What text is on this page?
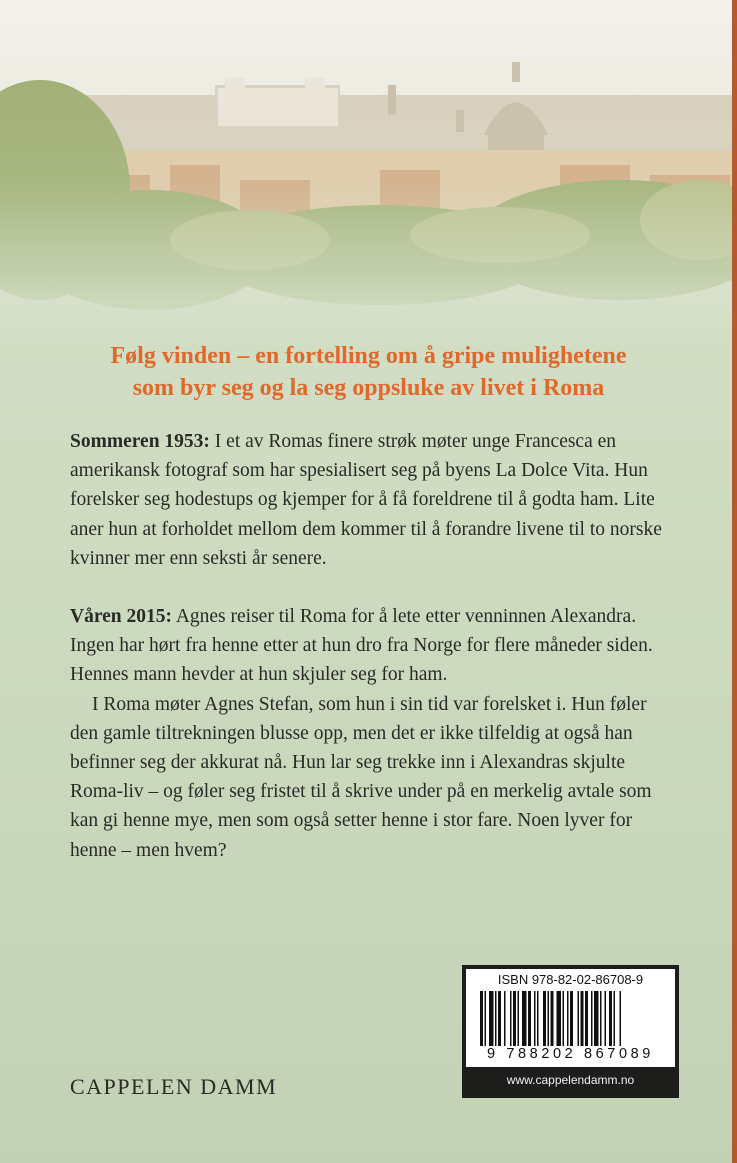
Følg vinden – en fortelling om å gripe mulighetene
som byr seg og la seg oppsluke av livet i Roma

Sommeren 1953: I et av Romas finere strøk møter unge Francesca en amerikansk fotograf som har spesialisert seg på byens La Dolce Vita. Hun forelsker seg hodestups og kjemper for å få foreldrene til å godta ham. Lite aner hun at forholdet mellom dem kommer til å forandre livene til to norske kvinner mer enn seksti år senere.

Våren 2015: Agnes reiser til Roma for å lete etter venninnen Alexandra. Ingen har hørt fra henne etter at hun dro fra Norge for flere måneder siden. Hennes mann hevder at hun skjuler seg for ham.

I Roma møter Agnes Stefan, som hun i sin tid var forelsket i. Hun føler den gamle tiltrekningen blusse opp, men det er ikke tilfeldig at også han befinner seg der akkurat nå. Hun lar seg trekke inn i Alexandras skjulte Roma-liv – og føler seg fristet til å skrive under på en merkelig avtale som kan gi henne mye, men som også setter henne i stor fare. Noen lyver for henne – men hvem?

CAPPELEN DAMM
ISBN 978-82-02-86708-9
9 788202 867089
www.cappelendamm.no
